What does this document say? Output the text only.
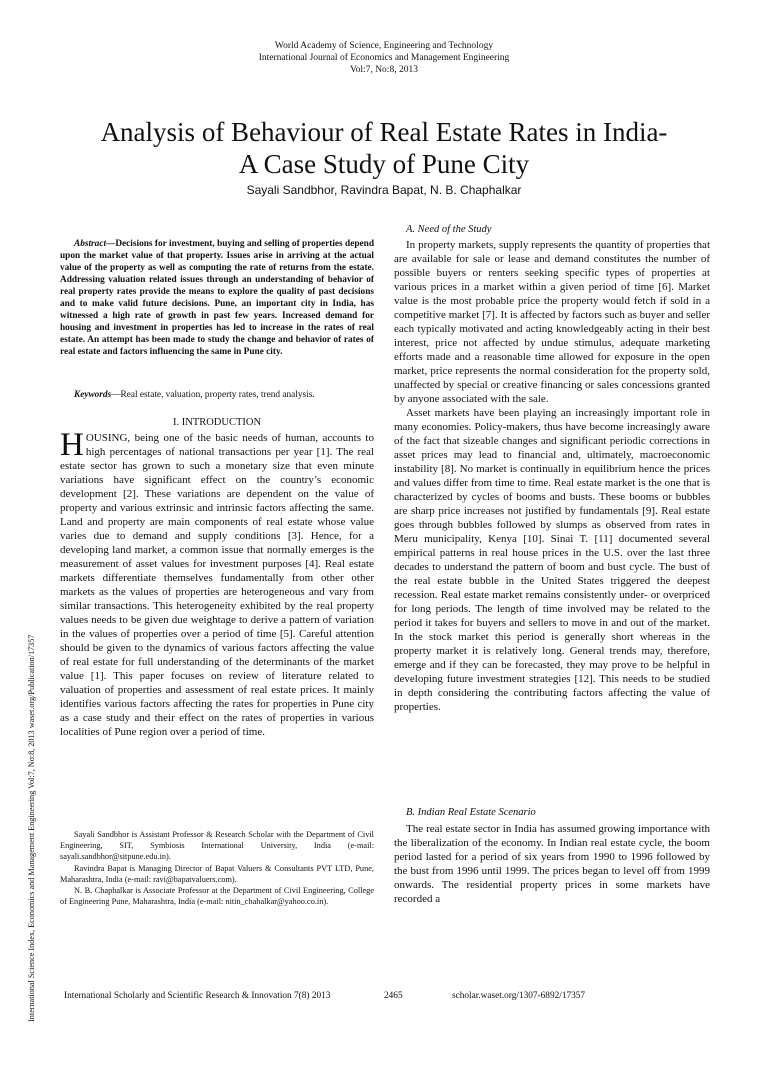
World Academy of Science, Engineering and Technology
International Journal of Economics and Management Engineering
Vol:7, No:8, 2013
Analysis of Behaviour of Real Estate Rates in India-
A Case Study of Pune City
Sayali Sandbhor, Ravindra Bapat, N. B. Chaphalkar
International Science Index, Economics and Management Engineering Vol:7, No:8, 2013 waset.org/Publication/17357

Abstract—Decisions for investment, buying and selling of properties depend upon the market value of that property. Issues arise in arriving at the actual value of the property as well as computing the rate of returns from the estate. Addressing valuation related issues through an understanding of behavior of real property rates provide the means to explore the quality of past decisions and to make valid future decisions. Pune, an important city in India, has witnessed a high rate of growth in past few years. Increased demand for housing and investment in properties has led to increase in the rates of real estate. An attempt has been made to study the change and behavior of rates of real estate and factors influencing the same in Pune city.

Keywords—Real estate, valuation, property rates, trend analysis.

I. INTRODUCTION
HOUSING, being one of the basic needs of human, accounts to high percentages of national transactions per year [1]. The real estate sector has grown to such a monetary size that even minute variations have significant effect on the country’s economic development [2]. These variations are dependent on the value of property and various extrinsic and intrinsic factors affecting the same. Land and property are main components of real estate whose value varies due to demand and supply conditions [3]. Hence, for a developing land market, a common issue that normally emerges is the measurement of asset values for investment purposes [4]. Real estate markets differentiate themselves fundamentally from other other markets as the values of properties are heterogeneous and vary from similar transactions. This heterogeneity exhibited by the real property values needs to be given due weightage to derive a pattern of variation in the values of properties over a period of time [5]. Careful attention should be given to the dynamics of various factors affecting the value of real estate for full understanding of the determinants of the market value [1]. This paper focuses on review of literature related to valuation of properties and assessment of real estate prices. It mainly identifies various factors affecting the rates for properties in Pune city as a case study and their effect on the rates of properties in various localities of Pune region over a period of time.

Sayali Sandbhor is Assistant Professor & Research Scholar with the Department of Civil Engineering, SIT, Symbiosis International University, India (e-mail: sayali.sandbhor@sitpune.edu.in).

Ravindra Bapat is Managing Director of Bapat Valuers & Consultants PVT LTD, Pune, Maharashtra, India (e-mail: ravi@bapatvaluers.com).

N. B. Chaphalkar is Associate Professor at the Department of Civil Engineering, College of Engineering Pune, Maharashtra, India (e-mail: nitin_chahalkar@yahoo.co.in).

A. Need of the Study

In property markets, supply represents the quantity of properties that are available for sale or lease and demand constitutes the number of possible buyers or renters seeking specific types of properties at various prices in a market within a given period of time [6]. Market value is the most probable price the property would fetch if sold in a competitive market [7]. It is affected by factors such as buyer and seller each typically motivated and acting knowledgeably acting in their best interest, price not affected by undue stimulus, adequate marketing efforts made and a reasonable time allowed for exposure in the open market, price represents the normal consideration for the property sold, unaffected by special or creative financing or sales concessions granted by anyone associated with the sale.

Asset markets have been playing an increasingly important role in many economies. Policy-makers, thus have become increasingly aware of the fact that sizeable changes and significant periodic corrections in asset prices may lead to financial and, ultimately, macroeconomic instability [8]. No market is continually in equilibrium hence the prices and values differ from time to time. Real estate market is the one that is characterized by cycles of booms and busts. These booms or bubbles are sharp price increases not justified by fundamentals [9]. Real estate goes through bubbles followed by slumps as observed from rates in Meru municipality, Kenya [10]. Sinai T. [11] documented several empirical patterns in real house prices in the U.S. over the last three decades to understand the pattern of boom and bust cycle. The bust of the real estate bubble in the United States triggered the deepest recession. Real estate market remains consistently under- or overpriced for long periods. The length of time involved may be related to the period it takes for buyers and sellers to move in and out of the market. In the stock market this period is generally short whereas in the property market it is relatively long. General trends may, therefore, emerge and if they can be forecasted, they may prove to be helpful in developing future investment strategies [12]. This needs to be studied in depth considering the contributing factors affecting the value of properties.

B. Indian Real Estate Scenario

The real estate sector in India has assumed growing importance with the liberalization of the economy. In Indian real estate cycle, the boom period lasted for a period of six years from 1990 to 1996 followed by the bust from 1996 until 1999. The prices began to level off from 1999 onwards. The residential property prices in some markets have recorded a

International Scholarly and Scientific Research & Innovation 7(8) 2013	2465	scholar.waset.org/1307-6892/17357
